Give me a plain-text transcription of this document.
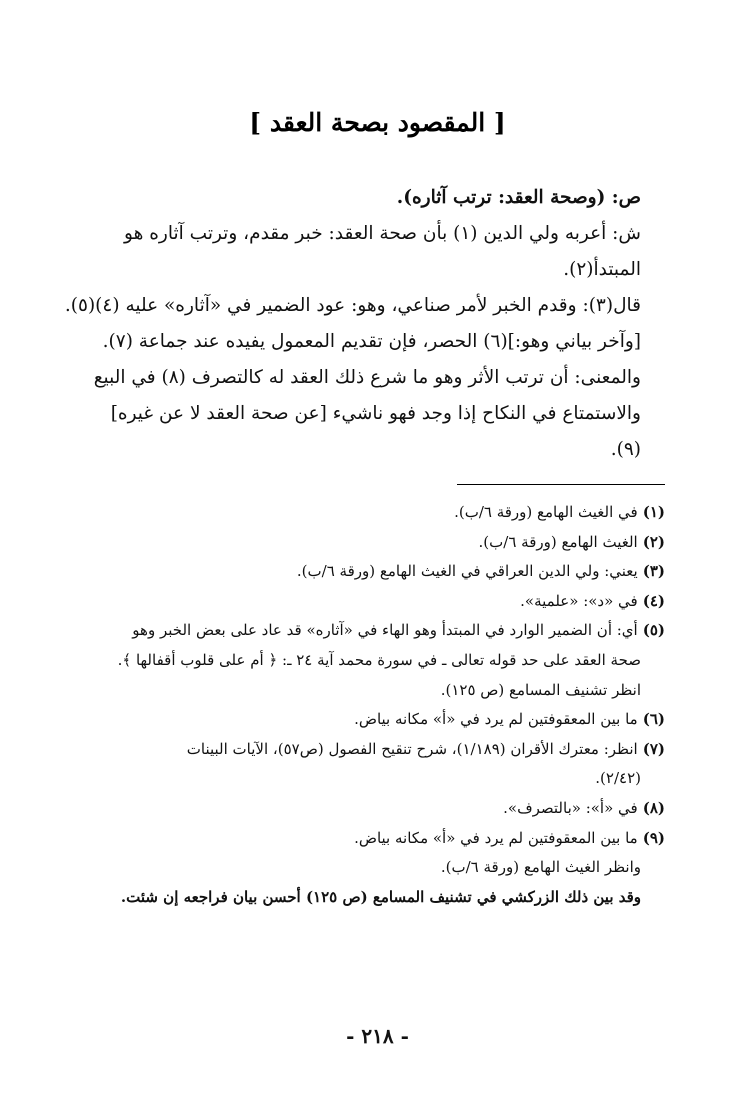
[ المقصود بصحة العقد ]

ص: (وصحة العقد: ترتب آثاره).

ش: أعربه ولي الدين (١) بأن صحة العقد: خبر مقدم، وترتب آثاره هو المبتدأ(٢).

قال(٣): وقدم الخبر لأمر صناعي، وهو: عود الضمير في «آثاره» عليه (٤)(٥).

[وآخر بياني وهو:](٦) الحصر، فإن تقديم المعمول يفيده عند جماعة (٧).

والمعنى: أن ترتب الأثر وهو ما شرع ذلك العقد له كالتصرف (٨) في البيع والاستمتاع في النكاح إذا وجد فهو ناشيء [عن صحة العقد لا عن غيره] (٩).

(١)في الغيث الهامع (ورقة ٦/ب).

(٢)الغيث الهامع (ورقة ٦/ب).

(٣)يعني: ولي الدين العراقي في الغيث الهامع (ورقة ٦/ب).

(٤)في «د»: «علمية».

(٥)أي: أن الضمير الوارد في المبتدأ وهو الهاء في «آثاره» قد عاد على بعض الخبر وهو

صحة العقد على حد قوله تعالى ـ في سورة محمد آية ٢٤ ـ: ﴿ أم على قلوب أقفالها ﴾.

انظر تشنيف المسامع (ص ١٢٥).

(٦)ما بين المعقوفتين لم يرد في «أ» مكانه بياض.

(٧)انظر: معترك الأقران (١/١٨٩)، شرح تنقيح الفصول (ص٥٧)، الآيات البينات

(٢/٤٢).

(٨)في «أ»: «بالتصرف».

(٩)ما بين المعقوفتين لم يرد في «أ» مكانه بياض.

وانظر الغيث الهامع (ورقة ٦/ب).

وقد بين ذلك الزركشي في تشنيف المسامع (ص ١٢٥) أحسن بيان فراجعه إن شئت.

- ٢١٨ -
